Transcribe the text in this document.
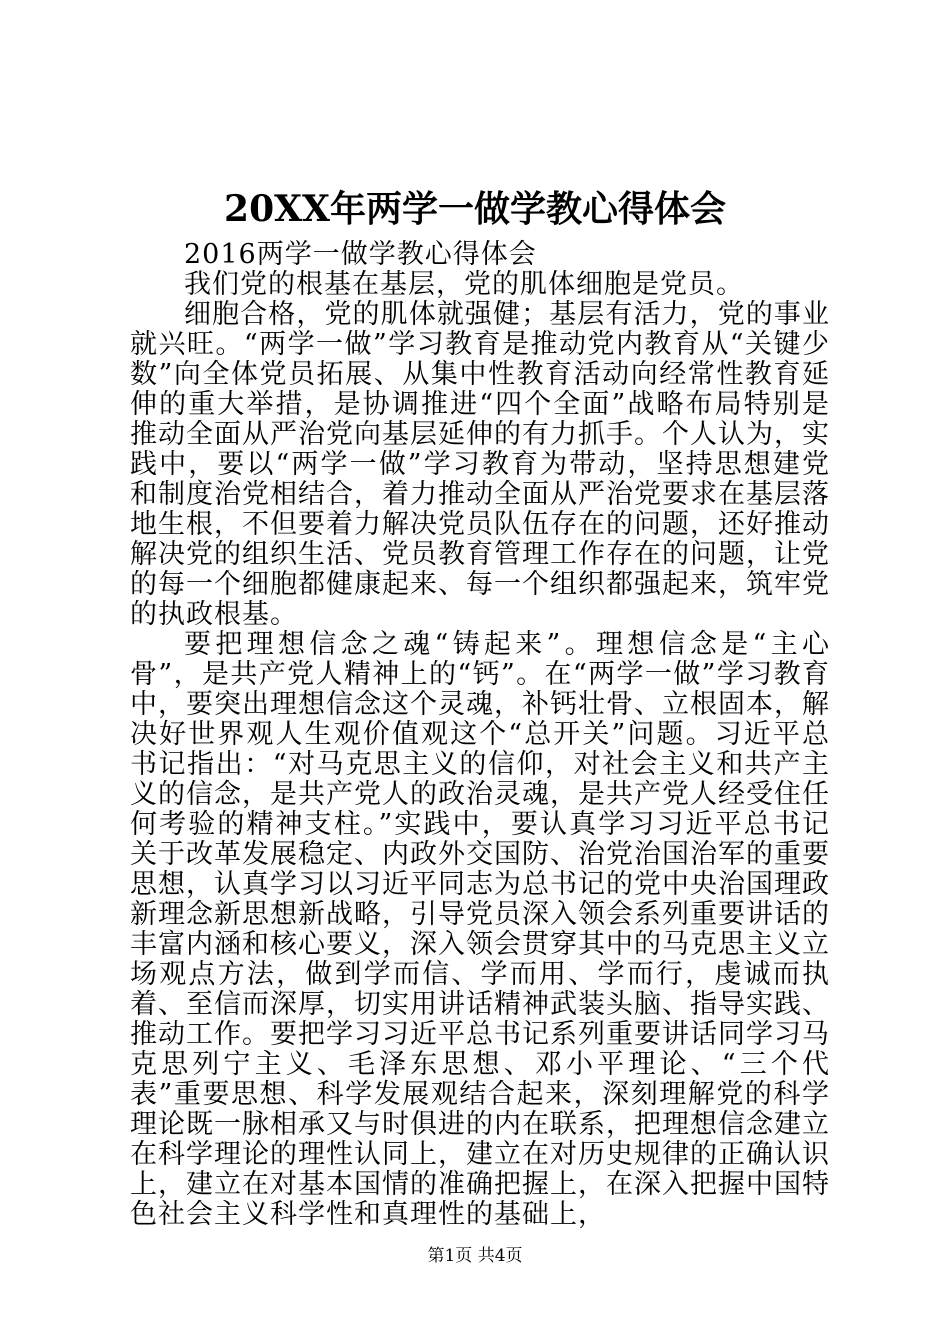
20XX年两学一做学教心得体会

2016两学一做学教心得体会

我们党的根基在基层，党的肌体细胞是党员。

细胞合格，党的肌体就强健；基层有活力，党的事业就兴旺。“两学一做”学习教育是推动党内教育从“关键少数”向全体党员拓展、从集中性教育活动向经常性教育延伸的重大举措，是协调推进“四个全面”战略布局特别是推动全面从严治党向基层延伸的有力抓手。个人认为，实践中，要以“两学一做”学习教育为带动，坚持思想建党和制度治党相结合，着力推动全面从严治党要求在基层落地生根，不但要着力解决党员队伍存在的问题，还好推动解决党的组织生活、党员教育管理工作存在的问题，让党的每一个细胞都健康起来、每一个组织都强起来，筑牢党的执政根基。

要把理想信念之魂“铸起来”。理想信念是“主心骨”，是共产党人精神上的“钙”。在“两学一做”学习教育中，要突出理想信念这个灵魂，补钙壮骨、立根固本，解决好世界观人生观价值观这个“总开关”问题。习近平总书记指出：“对马克思主义的信仰，对社会主义和共产主义的信念，是共产党人的政治灵魂，是共产党人经受住任何考验的精神支柱。”实践中，要认真学习习近平总书记关于改革发展稳定、内政外交国防、治党治国治军的重要思想，认真学习以习近平同志为总书记的党中央治国理政新理念新思想新战略，引导党员深入领会系列重要讲话的丰富内涵和核心要义，深入领会贯穿其中的马克思主义立场观点方法，做到学而信、学而用、学而行，虔诚而执着、至信而深厚，切实用讲话精神武装头脑、指导实践、推动工作。要把学习习近平总书记系列重要讲话同学习马克思列宁主义、毛泽东思想、邓小平理论、“三个代表”重要思想、科学发展观结合起来，深刻理解党的科学理论既一脉相承又与时俱进的内在联系，把理想信念建立在科学理论的理性认同上，建立在对历史规律的正确认识上，建立在对基本国情的准确把握上，在深入把握中国特色社会主义科学性和真理性的基础上，

第1页 共4页
